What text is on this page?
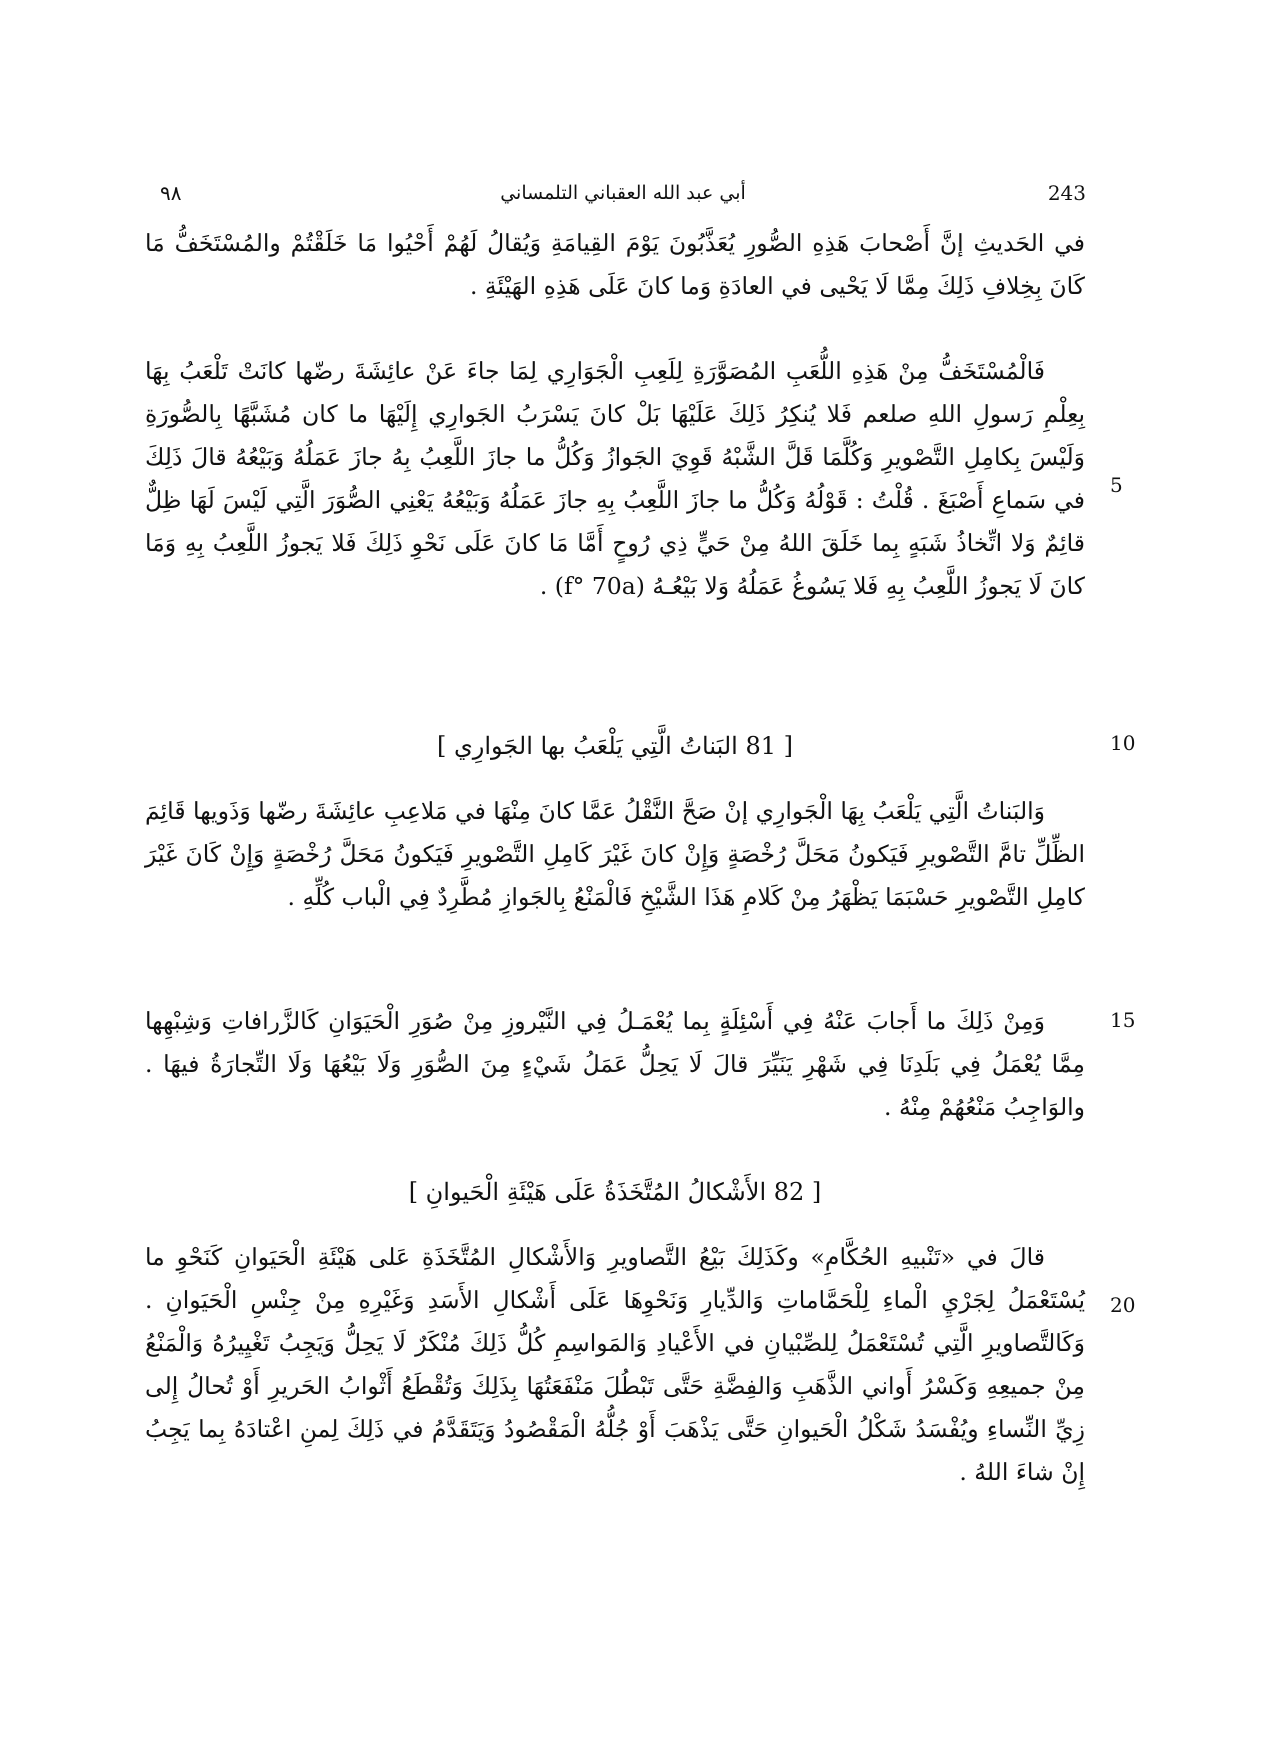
٩٨	أبي عبد الله العقباني التلمساني	243

في الحَديثِ إنَّ أَصْحابَ هَذِهِ الصُّورِ يُعَذَّبُونَ يَوْمَ القِيامَةِ وَيُقالُ لَهُمْ أَحْيُوا مَا خَلَقْتُمْ والمُسْتَخَفُّ مَا كَانَ بِخِلافِ ذَلِكَ مِمَّا لَا يَحْيى في العادَةِ وَما كانَ عَلَى هَذِهِ الهَيْئَةِ .

فَالْمُسْتَخَفُّ مِنْ هَذِهِ اللُّعَبِ المُصَوَّرَةِ لِلَعِبِ الْجَوَارِي لِمَا جاءَ عَنْ عائِشَةَ رضّها كانَتْ تَلْعَبُ بِهَا بِعِلْمِ رَسولِ اللهِ صلعم فَلا يُنكِرُ ذَلِكَ عَلَيْهَا بَلْ كانَ يَسْرَبُ الجَوارِي إِلَيْهَا ما كان مُشَبَّهًا بِالصُّورَةِ وَلَيْسَ بِكامِلِ التَّصْويرِ وَكُلَّمَا قَلَّ الشَّبْهُ قَوِيَ الجَوازُ وَكُلُّ ما جازَ اللَّعِبُ بِهُ جازَ عَمَلُهُ وَبَيْعُهُ قالَ ذَلِكَ في سَماعِ أَصْبَغَ . قُلْتُ : قَوْلُهُ وَكُلُّ ما جازَ اللَّعِبُ بِهِ جازَ عَمَلُهُ وَبَيْعُهُ يَعْنِي الصُّوَرَ الَّتِي لَيْسَ لَهَا ظِلٌّ قائِمٌ وَلا اتِّخاذُ شَبَهٍ بِما خَلَقَ اللهُ مِنْ حَيٍّ ذِي رُوحٍ أَمَّا مَا كانَ عَلَى نَحْوِ ذَلِكَ فَلا يَجوزُ اللَّعِبُ بِهِ وَمَا كانَ لَا يَجوزُ اللَّعِبُ بِهِ فَلا يَسُوغُ عَمَلُهُ وَلا بَيْعُـهُ (f° 70a) .

[ 81 البَناتُ الَّتِي يَلْعَبُ بها الجَوارِي ]

وَالبَناتُ الَّتِي يَلْعَبُ بِهَا الْجَوارِي إنْ صَحَّ النَّقْلُ عَمَّا كانَ مِنْهَا في مَلاعِبِ عائِشَةَ رضّها وَذَويها قَائِمَ الظِّلِّ تامَّ التَّصْويرِ فَيَكونُ مَحَلَّ رُخْصَةٍ وَإِنْ كانَ غَيْرَ كَامِلِ التَّصْويرِ فَيَكونُ مَحَلَّ رُخْصَةٍ وَإِنْ كَانَ غَيْرَ كامِلِ التَّصْويرِ حَسْبَمَا يَظْهَرُ مِنْ كَلامِ هَذَا الشَّيْخِ فَالْمَنْعُ بِالجَوازِ مُطَّرِدٌ فِي الْباب كُلِّهِ .

وَمِنْ ذَلِكَ ما أَجابَ عَنْهُ فِي أَسْئِلَةٍ بِما يُعْمَـلُ فِي النَّيْروزِ مِنْ صُوَرِ الْحَيَوَانِ كَالزَّرافاتِ وَشِبْهِها مِمَّا يُعْمَلُ فِي بَلَدِنَا فِي شَهْرِ يَنَيِّرَ قالَ لَا يَحِلُّ عَمَلُ شَيْءٍ مِنَ الصُّوَرِ وَلَا بَيْعُهَا وَلَا التِّجارَةُ فيهَا . والوَاجِبُ مَنْعُهُمْ مِنْهُ .

[ 82 الأَشْكالُ المُتَّخَذَةُ عَلَى هَيْئَةِ الْحَيوانِ ]

قالَ في «تَنْبيهِ الحُكَّامِ» وكَذَلِكَ بَيْعُ التَّصاويرِ وَالأَشْكالِ المُتَّخَذَةِ عَلى هَيْئَةِ الْحَيَوانِ كَنَحْوِ ما يُسْتَعْمَلُ لِجَرْيِ الْماءِ لِلْحَمَّاماتِ وَالدِّيارِ وَنَحْوِهَا عَلَى أَشْكالِ الأَسَدِ وَغَيْرِهِ مِنْ جِنْسِ الْحَيَوانِ . وَكَالتَّصاويرِ الَّتِي تُسْتَعْمَلُ لِلصِّبْيانِ في الأَعْيادِ وَالمَواسِمِ كُلُّ ذَلِكَ مُنْكَرٌ لَا يَحِلُّ وَيَجِبُ تَغْيِيرُهُ وَالْمَنْعُ مِنْ جميعِهِ وَكَسْرُ أَواني الذَّهَبِ وَالفِضَّةِ حَتَّى تَبْطُلَ مَنْفَعَتُهَا بِذَلِكَ وَتُقْطَعُ أَثْوابُ الحَريرِ أَوْ تُحالُ إِلى زِيِّ النِّساءِ ويُفْسَدُ شَكْلُ الْحَيوانِ حَتَّى يَذْهَبَ أَوْ جُلُّهُ الْمَقْصُودُ وَيَتَقَدَّمُ في ذَلِكَ لِمنِ اعْتادَهُ بِما يَجِبُ إِنْ شاءَ اللهُ .

5
10
15
20
